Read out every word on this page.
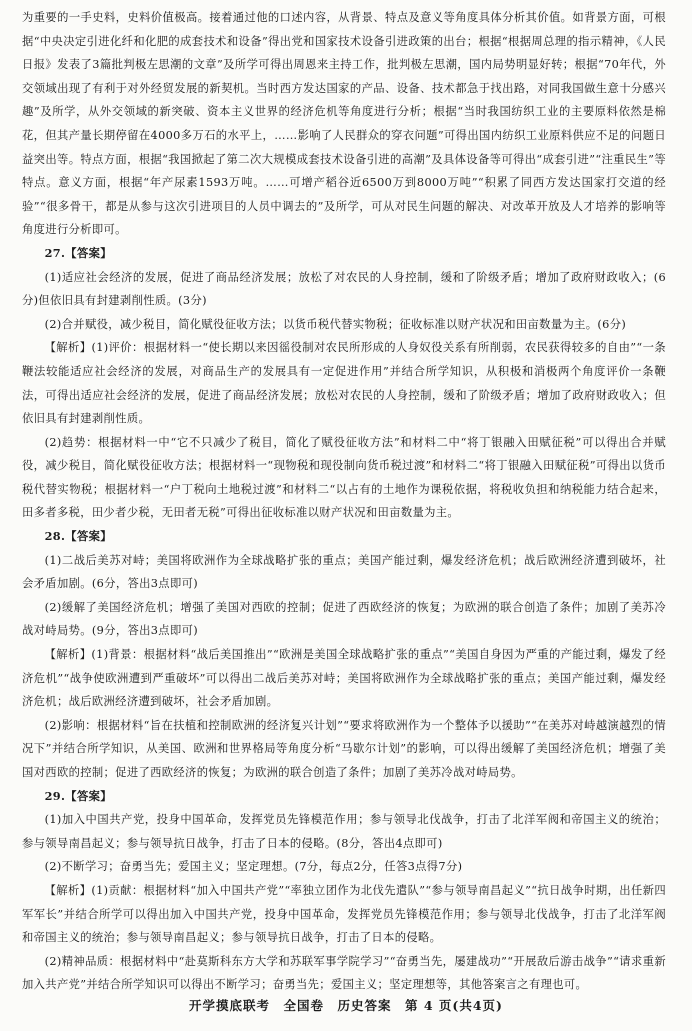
为重要的一手史料，史料价值极高。接着通过他的口述内容，从背景、特点及意义等角度具体分析其价值。如背景方面，可根据“中央决定引进化纤和化肥的成套技术和设备”得出党和国家技术设备引进政策的出台；根据“根据周总理的指示精神，《人民日报》发表了3篇批判极左思潮的文章”及所学可得出周恩来主持工作，批判极左思潮，国内局势明显好转；根据“70年代，外交领域出现了有利于对外经贸发展的新契机。当时西方发达国家的产品、设备、技术都急于找出路，对同我国做生意十分感兴趣”及所学，从外交领域的新突破、资本主义世界的经济危机等角度进行分析；根据“当时我国纺织工业的主要原料依然是棉花，但其产量长期停留在4000多万石的水平上，……影响了人民群众的穿衣问题”可得出国内纺织工业原料供应不足的问题日益突出等。特点方面，根据“我国掀起了第二次大规模成套技术设备引进的高潮”及具体设备等可得出“成套引进”“注重民生”等特点。意义方面，根据“年产尿素1593万吨。……可增产稻谷近6500万到8000万吨”“积累了同西方发达国家打交道的经验”“很多骨干，都是从参与这次引进项目的人员中调去的”及所学，可从对民生问题的解决、对改革开放及人才培养的影响等角度进行分析即可。

27.【答案】

(1)适应社会经济的发展，促进了商品经济发展；放松了对农民的人身控制，缓和了阶级矛盾；增加了政府财政收入；(6分)但依旧具有封建剥削性质。(3分)

(2)合并赋役，减少税目，简化赋役征收方法；以货币税代替实物税；征收标准以财产状况和田亩数量为主。(6分)

【解析】(1)评价：根据材料一“使长期以来因徭役制对农民所形成的人身奴役关系有所削弱，农民获得较多的自由”“一条鞭法较能适应社会经济的发展，对商品生产的发展具有一定促进作用”并结合所学知识，从积极和消极两个角度评价一条鞭法，可得出适应社会经济的发展，促进了商品经济发展；放松对农民的人身控制，缓和了阶级矛盾；增加了政府财政收入；但依旧具有封建剥削性质。

(2)趋势：根据材料一中“它不只减少了税目，简化了赋役征收方法”和材料二中“将丁银融入田赋征税”可以得出合并赋役，减少税目，简化赋役征收方法；根据材料一“现物税和现役制向货币税过渡”和材料二“将丁银融入田赋征税”可得出以货币税代替实物税；根据材料一“户丁税向土地税过渡”和材料二“以占有的土地作为课税依据，将税收负担和纳税能力结合起来，田多者多税，田少者少税，无田者无税”可得出征收标准以财产状况和田亩数量为主。

28.【答案】

(1)二战后美苏对峙；美国将欧洲作为全球战略扩张的重点；美国产能过剩，爆发经济危机；战后欧洲经济遭到破坏，社会矛盾加剧。(6分，答出3点即可)

(2)缓解了美国经济危机；增强了美国对西欧的控制；促进了西欧经济的恢复；为欧洲的联合创造了条件；加剧了美苏冷战对峙局势。(9分，答出3点即可)

【解析】(1)背景：根据材料“战后美国推出”“欧洲是美国全球战略扩张的重点”“美国自身因为严重的产能过剩，爆发了经济危机”“战争使欧洲遭到严重破坏”可以得出二战后美苏对峙；美国将欧洲作为全球战略扩张的重点；美国产能过剩，爆发经济危机；战后欧洲经济遭到破坏，社会矛盾加剧。

(2)影响：根据材料“旨在扶植和控制欧洲的经济复兴计划”“要求将欧洲作为一个整体予以援助”“在美苏对峙越演越烈的情况下”并结合所学知识，从美国、欧洲和世界格局等角度分析“马歇尔计划”的影响，可以得出缓解了美国经济危机；增强了美国对西欧的控制；促进了西欧经济的恢复；为欧洲的联合创造了条件；加剧了美苏冷战对峙局势。

29.【答案】

(1)加入中国共产党，投身中国革命，发挥党员先锋模范作用；参与领导北伐战争，打击了北洋军阀和帝国主义的统治；参与领导南昌起义；参与领导抗日战争，打击了日本的侵略。(8分，答出4点即可)

(2)不断学习；奋勇当先；爱国主义；坚定理想。(7分，每点2分，任答3点得7分)

【解析】(1)贡献：根据材料“加入中国共产党”“率独立团作为北伐先遣队”“参与领导南昌起义”“抗日战争时期，出任新四军军长”并结合所学可以得出加入中国共产党，投身中国革命，发挥党员先锋模范作用；参与领导北伐战争，打击了北洋军阀和帝国主义的统治；参与领导南昌起义；参与领导抗日战争，打击了日本的侵略。

(2)精神品质：根据材料中“赴莫斯科东方大学和苏联军事学院学习”“奋勇当先，屡建战功”“开展敌后游击战争”“请求重新加入共产党”并结合所学知识可以得出不断学习；奋勇当先；爱国主义；坚定理想等，其他答案言之有理也可。

开学摸底联考　全国卷　历史答案　第 4 页(共4页)
